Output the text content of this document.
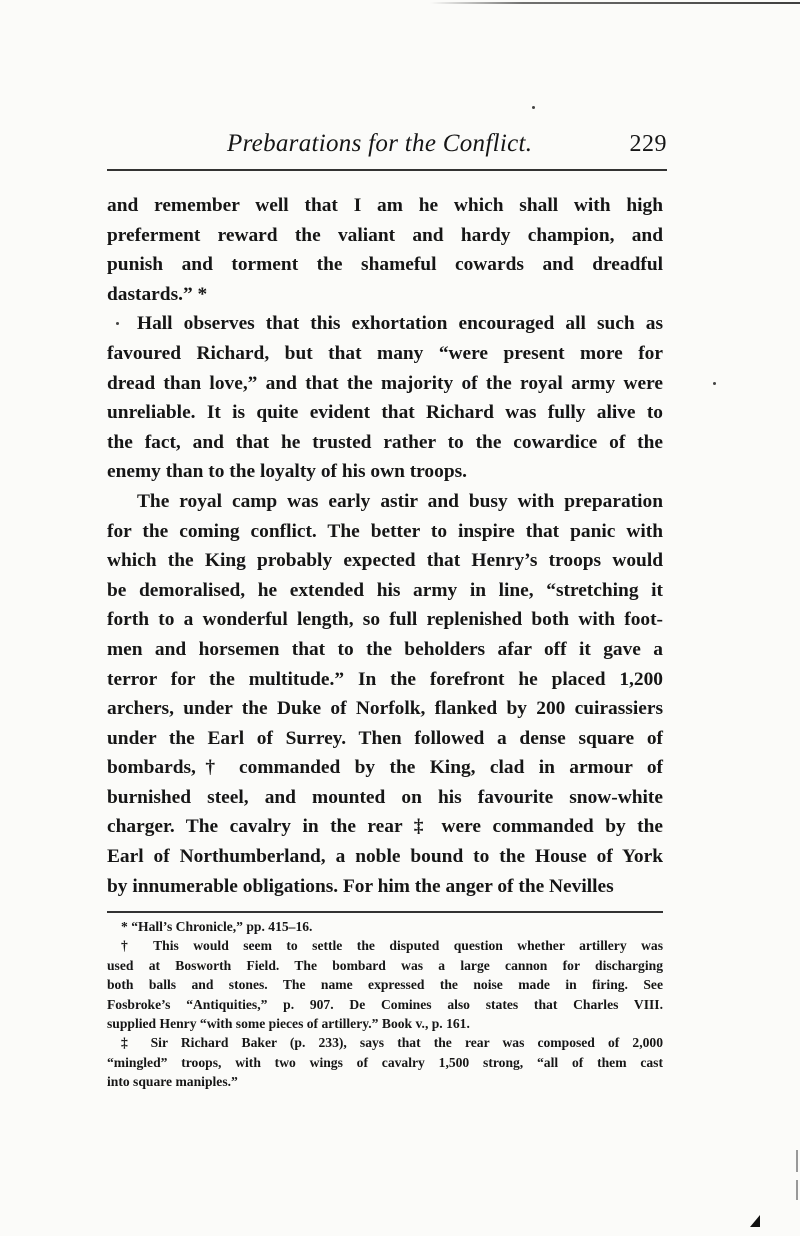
Prebarations for the Conflict.	229

and remember well that I am he which shall with high
preferment reward the valiant and hardy champion, and
punish and torment the shameful cowards and dreadful
dastards.” *

Hall observes that this exhortation encouraged all such as
favoured Richard, but that many “were present more for
dread than love,” and that the majority of the royal army were
unreliable. It is quite evident that Richard was fully alive to
the fact, and that he trusted rather to the cowardice of the
enemy than to the loyalty of his own troops.

The royal camp was early astir and busy with preparation
for the coming conflict. The better to inspire that panic with
which the King probably expected that Henry’s troops would
be demoralised, he extended his army in line, “stretching it
forth to a wonderful length, so full replenished both with foot-
men and horsemen that to the beholders afar off it gave a
terror for the multitude.” In the forefront he placed 1,200
archers, under the Duke of Norfolk, flanked by 200 cuirassiers
under the Earl of Surrey. Then followed a dense square of
bombards,† commanded by the King, clad in armour of
burnished steel, and mounted on his favourite snow-white
charger. The cavalry in the rear ‡ were commanded by the
Earl of Northumberland, a noble bound to the House of York
by innumerable obligations. For him the anger of the Nevilles

* “Hall’s Chronicle,” pp. 415–16.
† This would seem to settle the disputed question whether artillery was
used at Bosworth Field. The bombard was a large cannon for discharging
both balls and stones. The name expressed the noise made in firing. See
Fosbroke’s “Antiquities,” p. 907. De Comines also states that Charles VIII.
supplied Henry “with some pieces of artillery.” Book v., p. 161.
‡ Sir Richard Baker (p. 233), says that the rear was composed of 2,000
“mingled” troops, with two wings of cavalry 1,500 strong, “all of them cast
into square maniples.”
